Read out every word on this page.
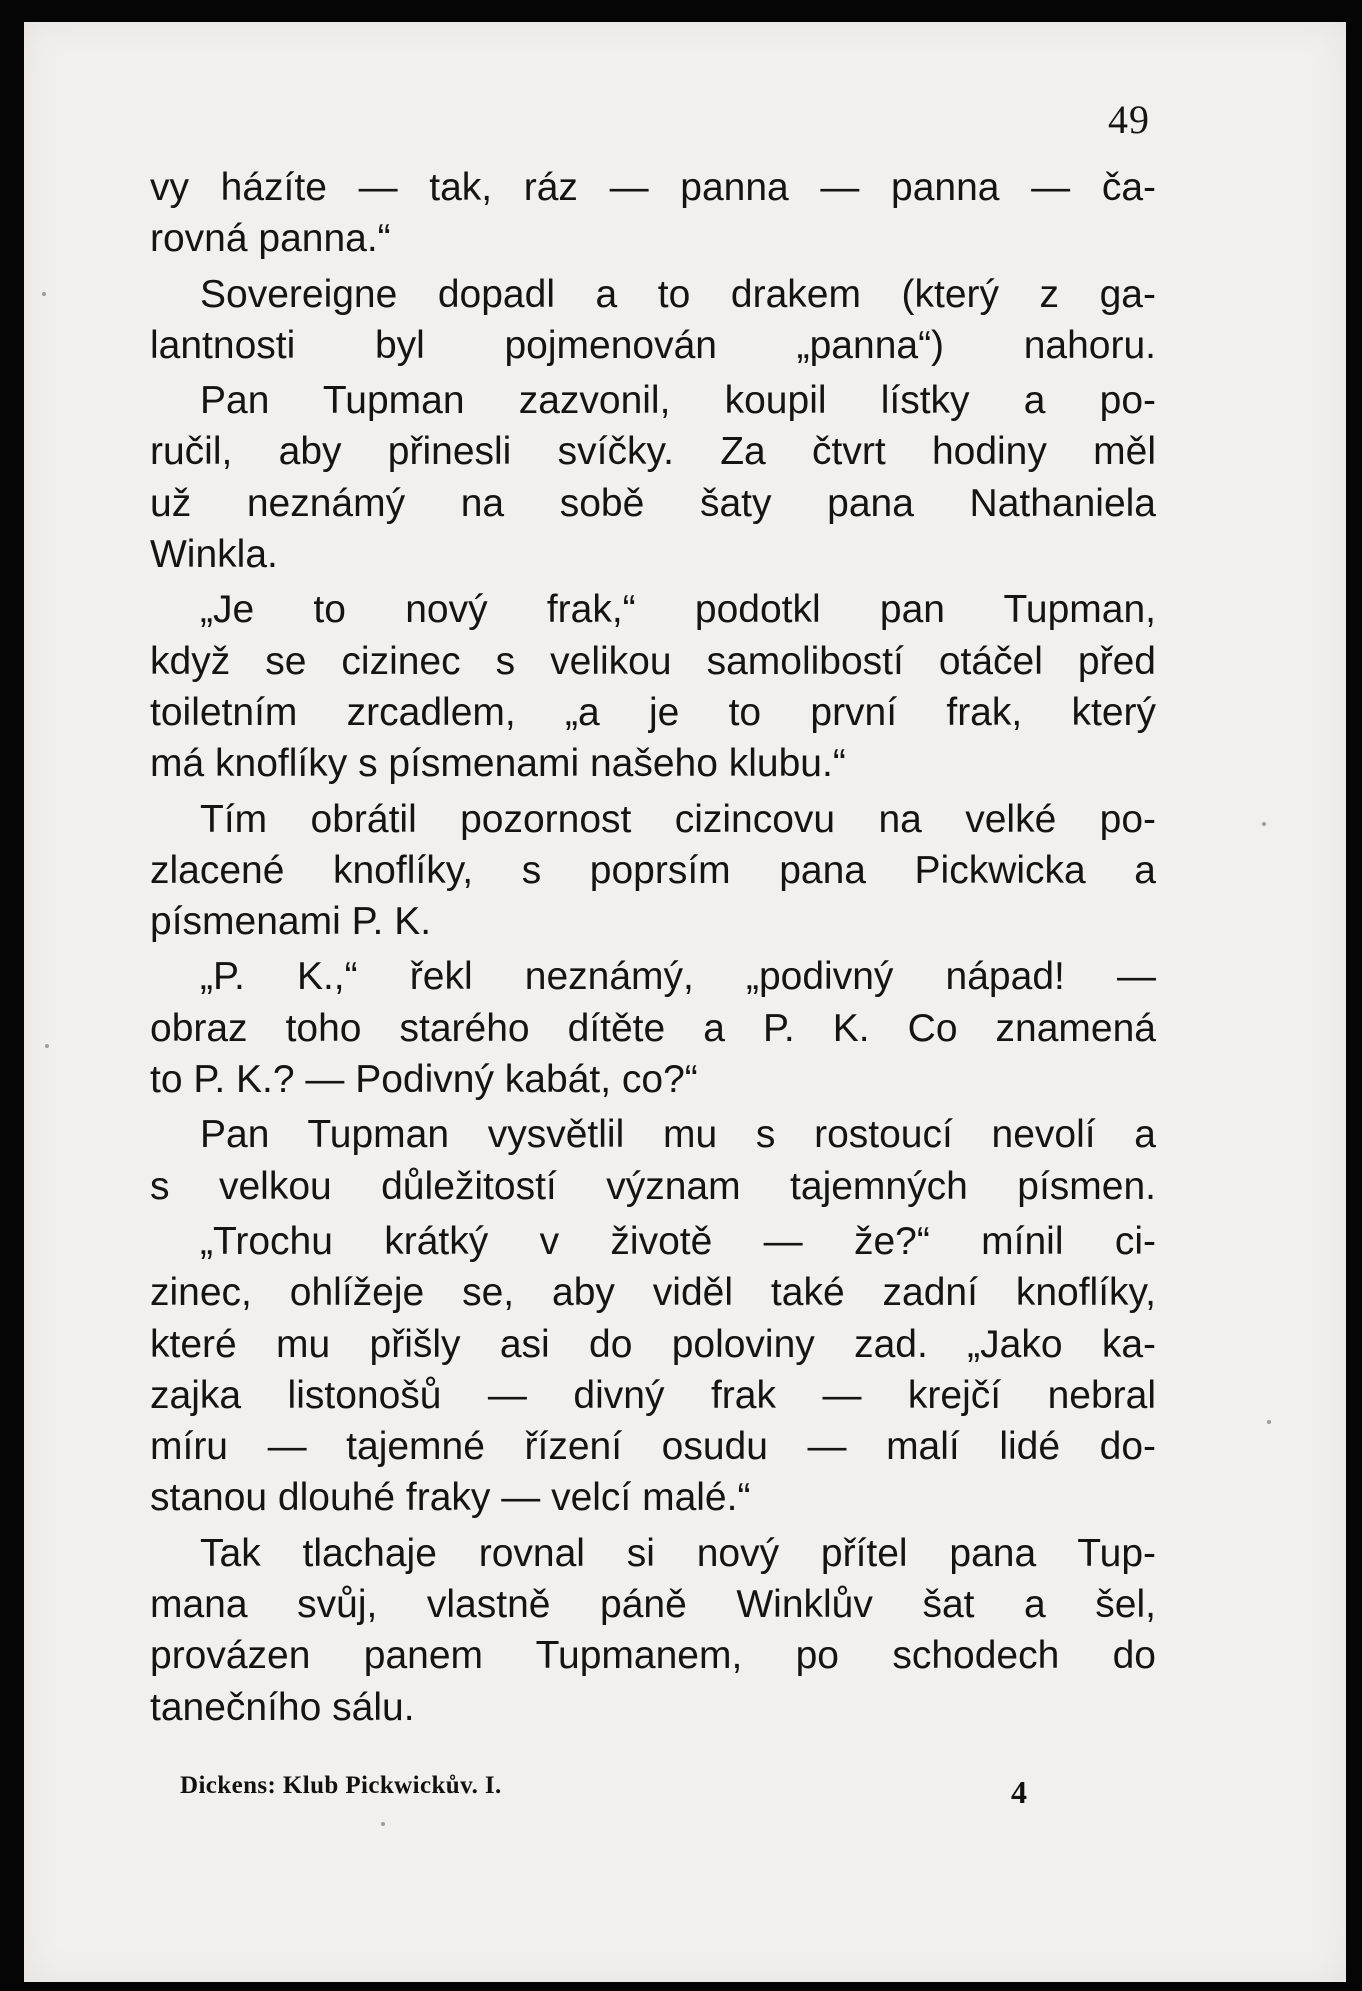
49
vy házíte — tak, ráz — panna — panna — ča-
rovná panna.“
Sovereigne dopadl a to drakem (který z ga-
lantnosti byl pojmenován „panna“) nahoru.
Pan Tupman zazvonil, koupil lístky a po-
ručil, aby přinesli svíčky. Za čtvrt hodiny měl
už neznámý na sobě šaty pana Nathaniela
Winkla.
„Je to nový frak,“ podotkl pan Tupman,
když se cizinec s velikou samolibostí otáčel před
toiletním zrcadlem, „a je to první frak, který
má knoflíky s písmenami našeho klubu.“
Tím obrátil pozornost cizincovu na velké po-
zlacené knoflíky, s poprsím pana Pickwicka a
písmenami P. K.
„P. K.,“ řekl neznámý, „podivný nápad! —
obraz toho starého dítěte a P. K. Co znamená
to P. K.? — Podivný kabát, co?“
Pan Tupman vysvětlil mu s rostoucí nevolí a
s velkou důležitostí význam tajemných písmen.
„Trochu krátký v životě — že?“ mínil ci-
zinec, ohlížeje se, aby viděl také zadní knoflíky,
které mu přišly asi do poloviny zad. „Jako ka-
zajka listonošů — divný frak — krejčí nebral
míru — tajemné řízení osudu — malí lidé do-
stanou dlouhé fraky — velcí malé.“
Tak tlachaje rovnal si nový přítel pana Tup-
mana svůj, vlastně páně Winklův šat a šel,
provázen panem Tupmanem, po schodech do
tanečního sálu.
Dickens: Klub Pickwickův. I.	4
